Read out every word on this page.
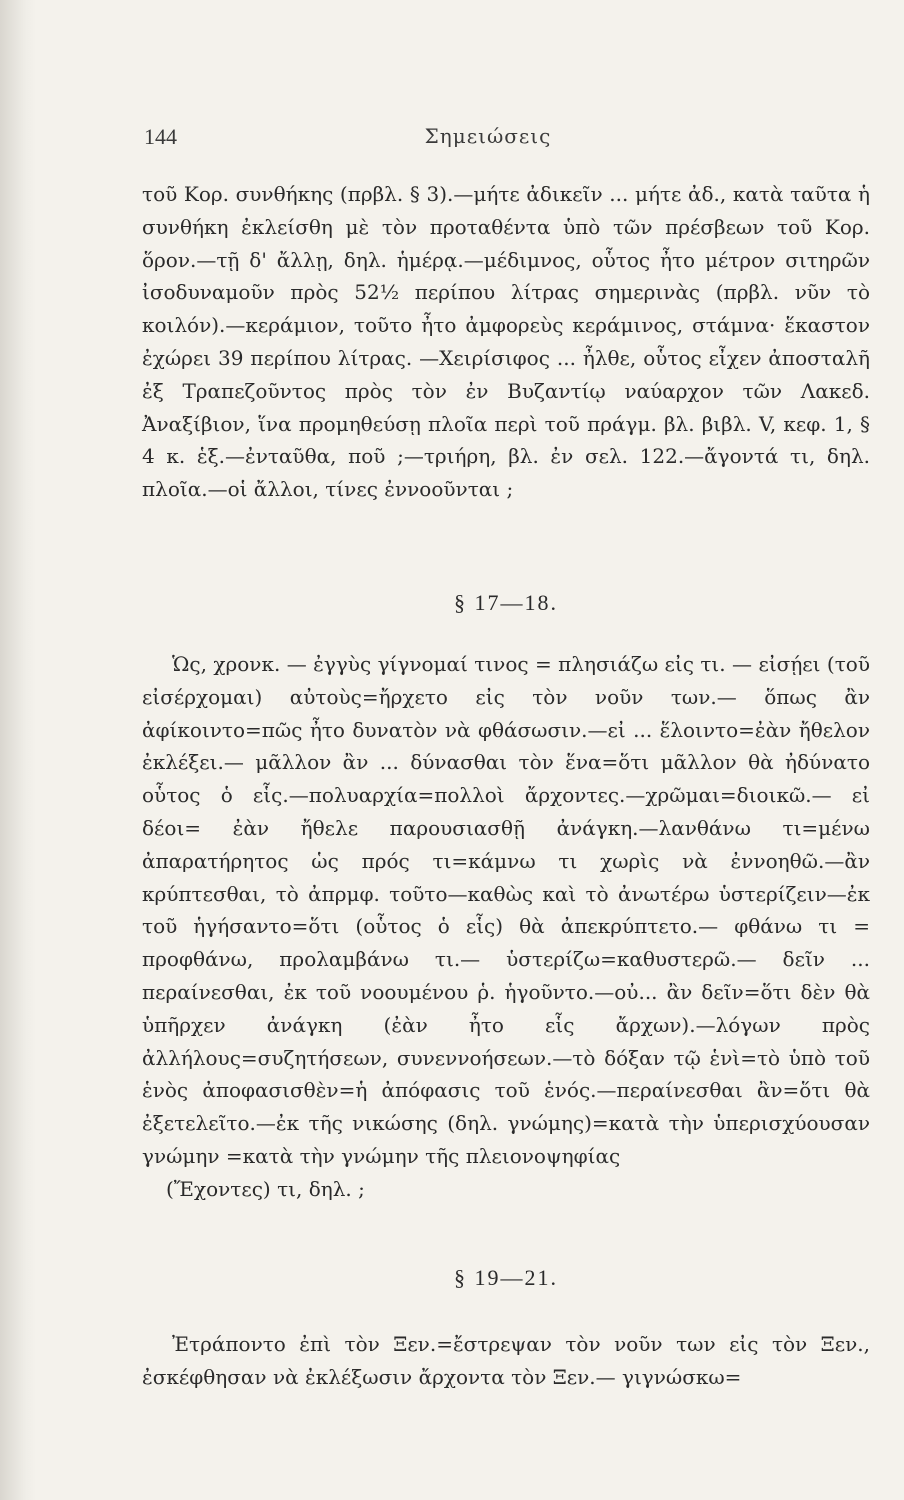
144	Σημειώσεις

τοῦ Κορ. συνθήκης (πρβλ. § 3).—μήτε ἀδικεῖν ... μήτε ἀδ., κατὰ ταῦτα ἡ συνθήκη ἐκλείσθη μὲ τὸν προταθέντα ὑπὸ τῶν πρέσβεων τοῦ Κορ. ὅρον.—τῇ δ' ἄλλῃ, δηλ. ἡμέρᾳ.—μέδιμνος, οὗτος ἦτο μέτρον σιτηρῶν ἰσοδυναμοῦν πρὸς 52½ περίπου λίτρας σημερινὰς (πρβλ. νῦν τὸ κοιλόν).—κεράμιον, τοῦτο ἦτο ἀμφορεὺς κεράμινος, στάμνα· ἕκαστον ἐχώρει 39 περίπου λίτρας. —Χειρίσιφος ... ἦλθε, οὗτος εἶχεν ἀποσταλῆ ἐξ Τραπεζοῦντος πρὸς τὸν ἐν Βυζαντίῳ ναύαρχον τῶν Λακεδ. Ἀναξίβιον, ἵνα προμηθεύσῃ πλοῖα περὶ τοῦ πράγμ. βλ. βιβλ. V, κεφ. 1, § 4 κ. ἑξ.—ἐνταῦθα, ποῦ ;—τριήρη, βλ. ἐν σελ. 122.—ἄγοντά τι, δηλ. πλοῖα.—οἱ ἄλλοι, τίνες ἐννοοῦνται ;

§ 17—18.

Ὡς, χρονκ. — ἐγγὺς γίγνομαί τινος = πλησιάζω εἰς τι. — εἰσῄει (τοῦ εἰσέρχομαι) αὐτοὺς=ἤρχετο εἰς τὸν νοῦν των.— ὅπως ἂν ἀφίκοιντο=πῶς ἦτο δυνατὸν νὰ φθάσωσιν.—εἰ ... ἕλοιντο=ἐὰν ἤθελον ἐκλέξει.— μᾶλλον ἂν ... δύνασθαι τὸν ἕνα=ὅτι μᾶλλον θὰ ἠδύνατο οὗτος ὁ εἷς.—πολυαρχία=πολλοὶ ἄρχοντες.—χρῶμαι=διοικῶ.— εἰ δέοι= ἐὰν ἤθελε παρουσιασθῇ ἀνάγκη.—λανθάνω τι=μένω ἀπαρατήρητος ὡς πρός τι=κάμνω τι χωρὶς νὰ ἐννοηθῶ.—ἂν κρύπτεσθαι, τὸ ἀπρμφ. τοῦτο—καθὼς καὶ τὸ ἀνωτέρω ὑστερίζειν—ἐκ τοῦ ἡγήσαντο=ὅτι (οὗτος ὁ εἷς) θὰ ἀπεκρύπτετο.— φθάνω τι = προφθάνω, προλαμβάνω τι.— ὑστερίζω=καθυστερῶ.— δεῖν ... περαίνεσθαι, ἐκ τοῦ νοουμένου ῥ. ἡγοῦντο.—οὐ... ἂν δεῖν=ὅτι δὲν θὰ ὑπῆρχεν ἀνάγκη (ἐὰν ἦτο εἷς ἄρχων).—λόγων πρὸς ἀλλήλους=συζητήσεων, συνεννοήσεων.—τὸ δόξαν τῷ ἑνὶ=τὸ ὑπὸ τοῦ ἑνὸς ἀποφασισθὲν=ἡ ἀπόφασις τοῦ ἑνός.—περαίνεσθαι ἂν=ὅτι θὰ ἐξετελεῖτο.—ἐκ τῆς νικώσης (δηλ. γνώμης)=κατὰ τὴν ὑπερισχύουσαν γνώμην =κατὰ τὴν γνώμην τῆς πλειονοψηφίας

(Ἔχοντες) τι, δηλ. ;

§ 19—21.

Ἐτράποντο ἐπὶ τὸν Ξεν.=ἔστρεψαν τὸν νοῦν των εἰς τὸν Ξεν., ἐσκέφθησαν νὰ ἐκλέξωσιν ἄρχοντα τὸν Ξεν.— γιγνώσκω=
